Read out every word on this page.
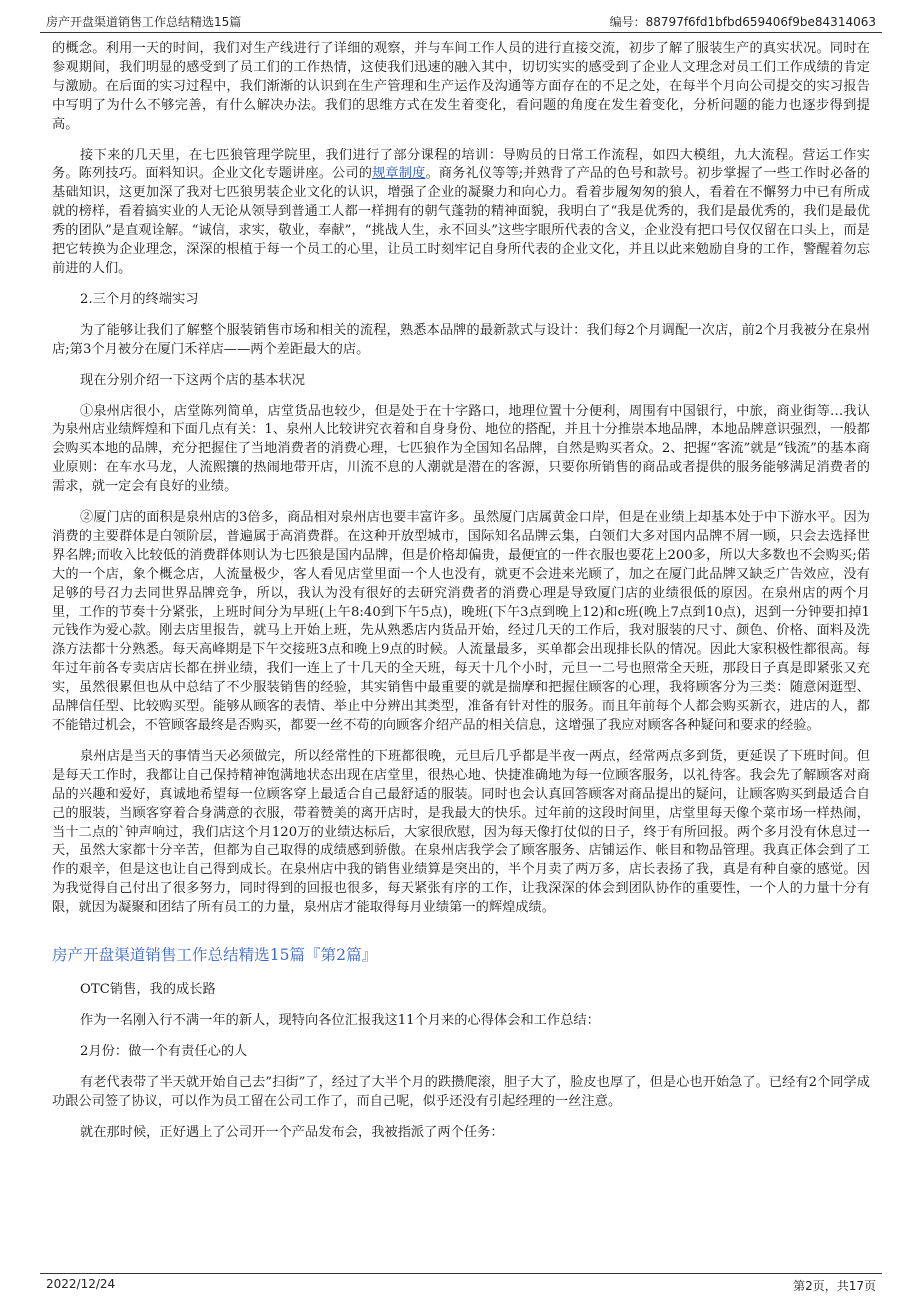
房产开盘渠道销售工作总结精选15篇	编号：88797f6fd1bfbd659406f9be84314063

的概念。利用一天的时间，我们对生产线进行了详细的观察，并与车间工作人员的进行直接交流，初步了解了服装生产的真实状况。同时在参观期间，我们明显的感受到了员工们的工作热情，这使我们迅速的融入其中，切切实实的感受到了企业人文理念对员工们工作成绩的肯定与激励。在后面的实习过程中，我们渐渐的认识到在生产管理和生产运作及沟通等方面存在的不足之处，在每半个月向公司提交的实习报告中写明了为什么不够完善，有什么解决办法。我们的思维方式在发生着变化，看问题的角度在发生着变化，分析问题的能力也逐步得到提高。

接下来的几天里，在七匹狼管理学院里，我们进行了部分课程的培训：导购员的日常工作流程，如四大模组，九大流程。营运工作实务。陈列技巧。面料知识。企业文化专题讲座。公司的规章制度。商务礼仪等等;并熟背了产品的色号和款号。初步掌握了一些工作时必备的基础知识，这更加深了我对七匹狼男装企业文化的认识，增强了企业的凝聚力和向心力。看着步履匆匆的狼人，看着在不懈努力中已有所成就的榜样，看着搞实业的人无论从领导到普通工人都一样拥有的朝气蓬勃的精神面貌，我明白了“我是优秀的，我们是最优秀的，我们是最优秀的团队”是直观诠解。“诚信，求实，敬业，奉献”，“挑战人生，永不回头”这些字眼所代表的含义，企业没有把口号仅仅留在口头上，而是把它转换为企业理念，深深的根植于每一个员工的心里，让员工时刻牢记自身所代表的企业文化，并且以此来勉励自身的工作，警醒着勿忘前进的人们。

2.三个月的终端实习

为了能够让我们了解整个服装销售市场和相关的流程，熟悉本品牌的最新款式与设计：我们每2个月调配一次店，前2个月我被分在泉州店;第3个月被分在厦门禾祥店——两个差距最大的店。

现在分别介绍一下这两个店的基本状况

①泉州店很小，店堂陈列简单，店堂货品也较少，但是处于在十字路口，地理位置十分便利，周围有中国银行，中旅，商业街等…我认为泉州店业绩辉煌和下面几点有关：1、泉州人比较讲究衣着和自身身份、地位的搭配，并且十分推崇本地品牌，本地品牌意识强烈，一般都会购买本地的品牌，充分把握住了当地消费者的消费心理，七匹狼作为全国知名品牌，自然是购买者众。2、把握“客流”就是“钱流”的基本商业原则：在车水马龙，人流熙攘的热闹地带开店，川流不息的人潮就是潜在的客源，只要你所销售的商品或者提供的服务能够满足消费者的需求，就一定会有良好的业绩。

②厦门店的面积是泉州店的3倍多，商品相对泉州店也要丰富许多。虽然厦门店属黄金口岸，但是在业绩上却基本处于中下游水平。因为消费的主要群体是白领阶层，普遍属于高消费群。在这种开放型城市，国际知名品牌云集，白领们大多对国内品牌不屑一顾，只会去选择世界名牌;而收入比较低的消费群体则认为七匹狼是国内品牌，但是价格却偏贵，最便宜的一件衣服也要花上200多，所以大多数也不会购买;偌大的一个店，象个概念店，人流量极少，客人看见店堂里面一个人也没有，就更不会进来光顾了，加之在厦门此品牌又缺乏广告效应，没有足够的号召力去同世界品牌竞争，所以，我认为没有很好的去研究消费者的消费心理是导致厦门店的业绩很低的原因。在泉州店的两个月里，工作的节奏十分紧张，上班时间分为早班(上午8:40到下午5点)，晚班(下午3点到晚上12)和c班(晚上7点到10点)，迟到一分钟要扣掉1元钱作为爱心款。刚去店里报告，就马上开始上班，先从熟悉店内货品开始，经过几天的工作后，我对服装的尺寸、颜色、价格、面料及洗涤方法都十分熟悉。每天高峰期是下午交接班3点和晚上9点的时候。人流量最多，买单都会出现排长队的情况。因此大家积极性都很高。每年过年前各专卖店店长都在拼业绩，我们一连上了十几天的全天班，每天十几个小时，元旦一二号也照常全天班，那段日子真是即紧张又充实，虽然很累但也从中总结了不少服装销售的经验，其实销售中最重要的就是揣摩和把握住顾客的心理，我将顾客分为三类：随意闲逛型、品牌信任型、比较购买型。能够从顾客的表情、举止中分辨出其类型，准备有针对性的服务。而且年前每个人都会购买新衣，进店的人，都不能错过机会，不管顾客最终是否购买，都要一丝不苟的向顾客介绍产品的相关信息，这增强了我应对顾客各种疑问和要求的经验。

泉州店是当天的事情当天必须做完，所以经常性的下班都很晚，元旦后几乎都是半夜一两点，经常两点多到货，更延误了下班时间。但是每天工作时，我都让自己保持精神饱满地状态出现在店堂里，很热心地、快捷准确地为每一位顾客服务，以礼待客。我会先了解顾客对商品的兴趣和爱好，真诚地希望每一位顾客穿上最适合自己最舒适的服装。同时也会认真回答顾客对商品提出的疑问，让顾客购买到最适合自己的服装，当顾客穿着合身满意的衣服，带着赞美的离开店时，是我最大的快乐。过年前的这段时间里，店堂里每天像个菜市场一样热闹，当十二点的`钟声响过，我们店这个月120万的业绩达标后，大家很欣慰，因为每天像打仗似的日子，终于有所回报。两个多月没有休息过一天，虽然大家都十分辛苦，但都为自己取得的成绩感到骄傲。在泉州店我学会了顾客服务、店铺运作、帐目和物品管理。我真正体会到了工作的艰辛，但是这也让自己得到成长。在泉州店中我的销售业绩算是突出的，半个月卖了两万多，店长表扬了我，真是有种自豪的感觉。因为我觉得自己付出了很多努力，同时得到的回报也很多，每天紧张有序的工作，让我深深的体会到团队协作的重要性，一个人的力量十分有限，就因为凝聚和团结了所有员工的力量，泉州店才能取得每月业绩第一的辉煌成绩。

房产开盘渠道销售工作总结精选15篇『第2篇』

OTC销售，我的成长路

作为一名刚入行不满一年的新人，现特向各位汇报我这11个月来的心得体会和工作总结：

2月份：做一个有责任心的人

有老代表带了半天就开始自己去”扫街”了，经过了大半个月的跌攒爬滚，胆子大了，脸皮也厚了，但是心也开始急了。已经有2个同学成功跟公司签了协议，可以作为员工留在公司工作了，而自己呢，似乎还没有引起经理的一丝注意。

就在那时候，正好遇上了公司开一个产品发布会，我被指派了两个任务：

2022/12/24	第2页，共17页
